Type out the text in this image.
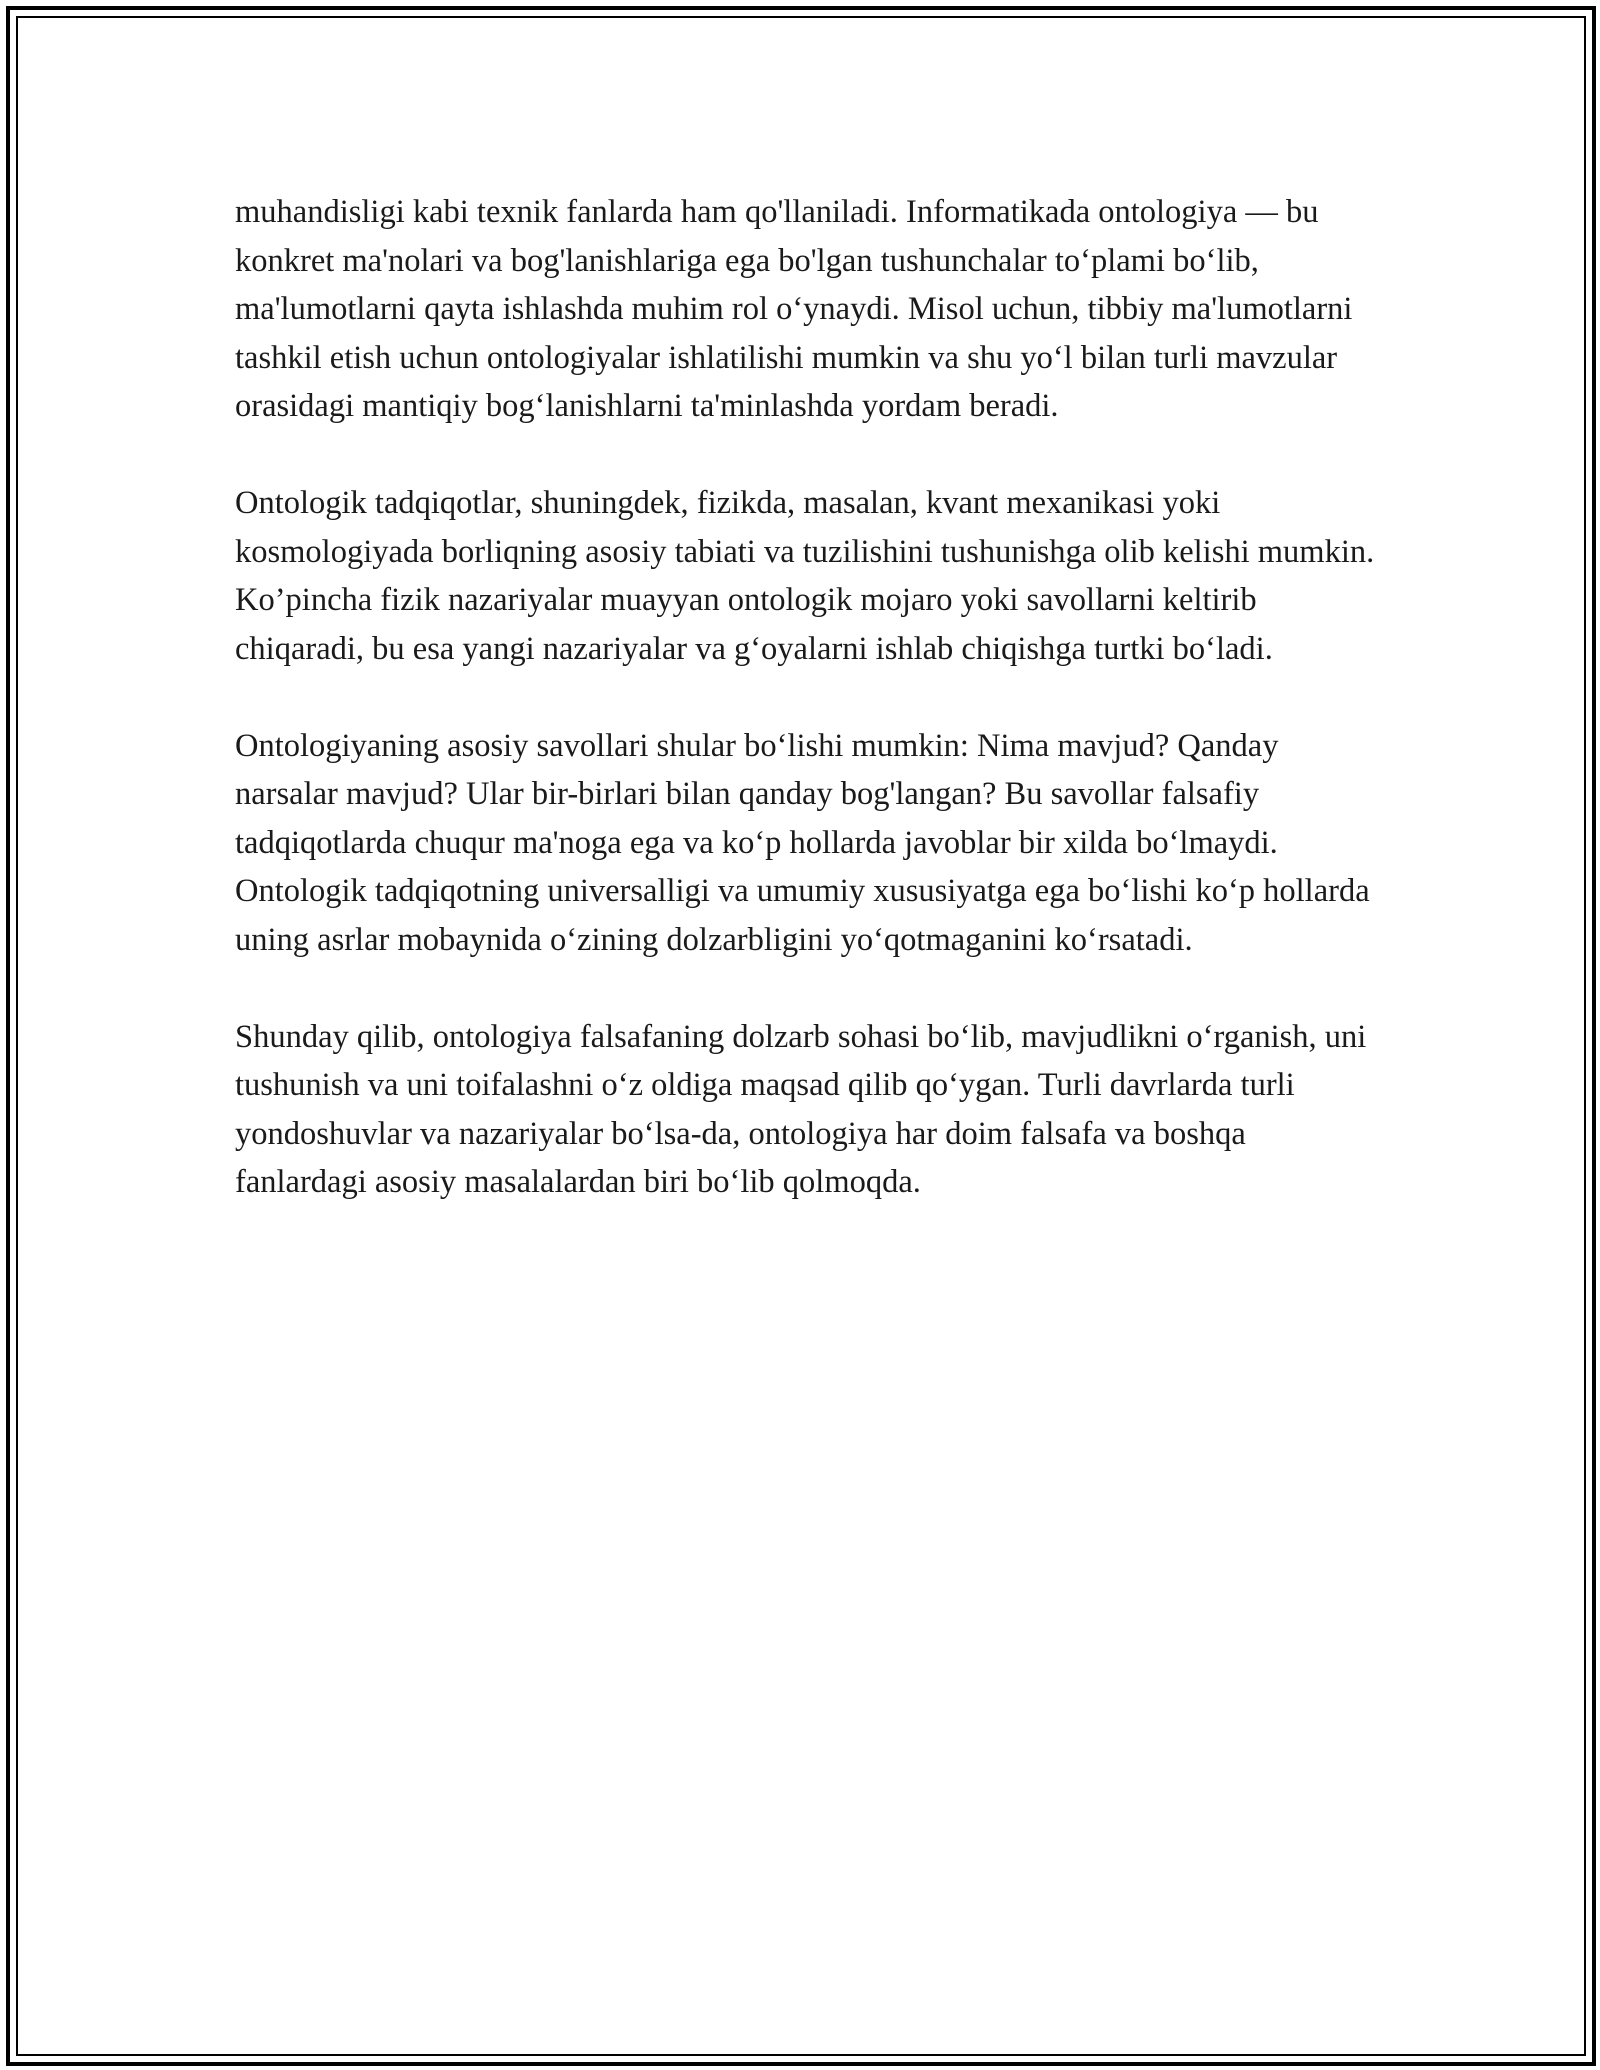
muhandisligi kabi texnik fanlarda ham qo'llaniladi. Informatikada ontologiya — bu konkret ma'nolari va bog'lanishlariga ega bo'lgan tushunchalar to‘plami bo‘lib, ma'lumotlarni qayta ishlashda muhim rol o‘ynaydi. Misol uchun, tibbiy ma'lumotlarni tashkil etish uchun ontologiyalar ishlatilishi mumkin va shu yo‘l bilan turli mavzular orasidagi mantiqiy bog‘lanishlarni ta'minlashda yordam beradi.

Ontologik tadqiqotlar, shuningdek, fizikda, masalan, kvant mexanikasi yoki kosmologiyada borliqning asosiy tabiati va tuzilishini tushunishga olib kelishi mumkin. Ko’pincha fizik nazariyalar muayyan ontologik mojaro yoki savollarni keltirib chiqaradi, bu esa yangi nazariyalar va g‘oyalarni ishlab chiqishga turtki bo‘ladi.

Ontologiyaning asosiy savollari shular bo‘lishi mumkin: Nima mavjud? Qanday narsalar mavjud? Ular bir-birlari bilan qanday bog'langan? Bu savollar falsafiy tadqiqotlarda chuqur ma'noga ega va ko‘p hollarda javoblar bir xilda bo‘lmaydi. Ontologik tadqiqotning universalligi va umumiy xususiyatga ega bo‘lishi ko‘p hollarda uning asrlar mobaynida o‘zining dolzarbligini yo‘qotmaganini ko‘rsatadi.

Shunday qilib, ontologiya falsafaning dolzarb sohasi bo‘lib, mavjudlikni o‘rganish, uni tushunish va uni toifalashni o‘z oldiga maqsad qilib qo‘ygan. Turli davrlarda turli yondoshuvlar va nazariyalar bo‘lsa-da, ontologiya har doim falsafa va boshqa fanlardagi asosiy masalalardan biri bo‘lib qolmoqda.
